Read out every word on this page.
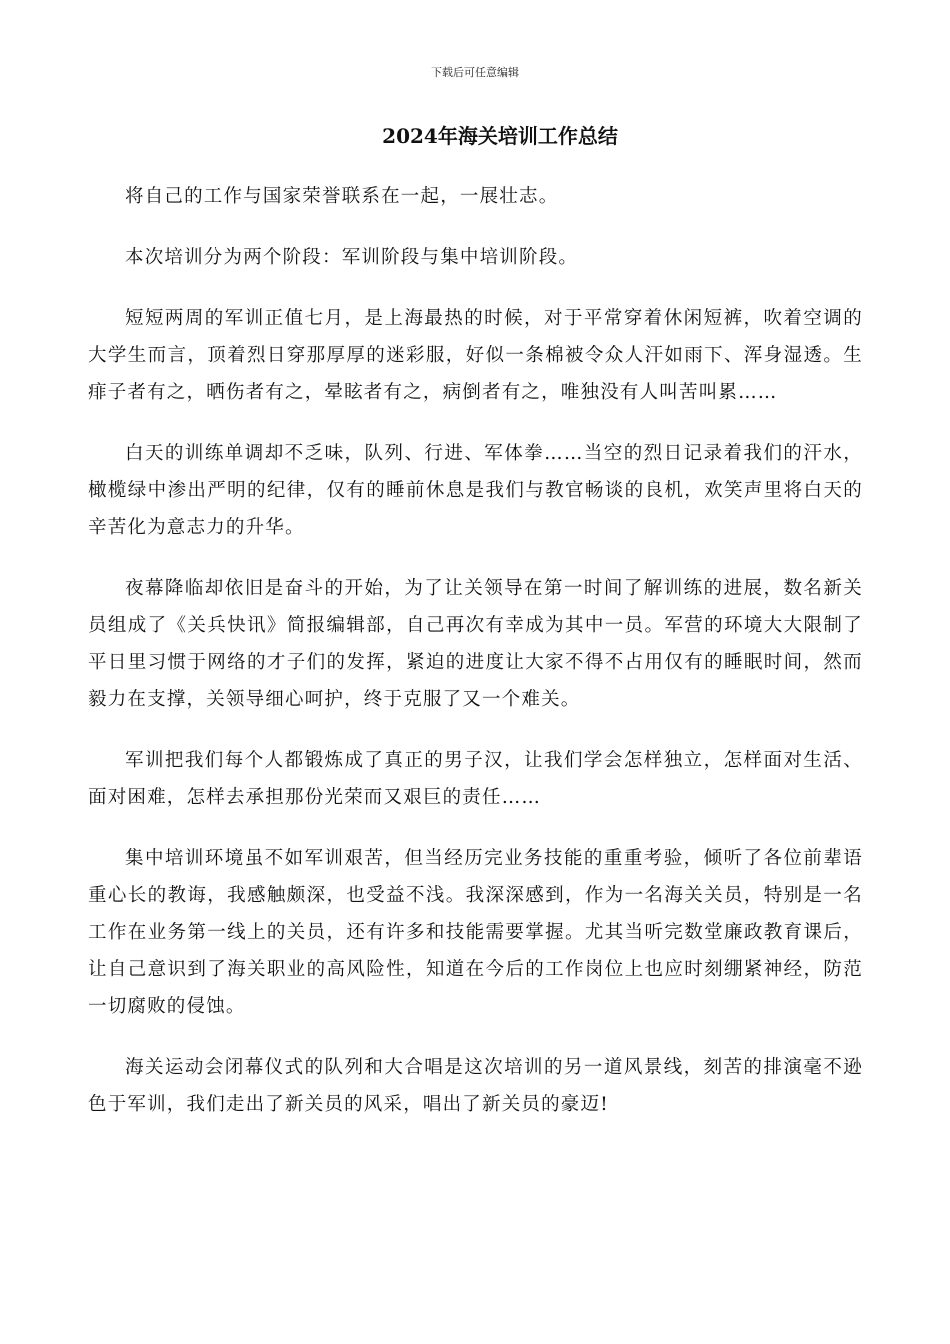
下载后可任意编辑
2024年海关培训工作总结

将自己的工作与国家荣誉联系在一起，一展壮志。

本次培训分为两个阶段：军训阶段与集中培训阶段。

短短两周的军训正值七月，是上海最热的时候，对于平常穿着休闲短裤，吹着空调的大学生而言，顶着烈日穿那厚厚的迷彩服，好似一条棉被令众人汗如雨下、浑身湿透。生痱子者有之，晒伤者有之，晕眩者有之，病倒者有之，唯独没有人叫苦叫累……

白天的训练单调却不乏味，队列、行进、军体拳……当空的烈日记录着我们的汗水，橄榄绿中渗出严明的纪律，仅有的睡前休息是我们与教官畅谈的良机，欢笑声里将白天的辛苦化为意志力的升华。

夜幕降临却依旧是奋斗的开始，为了让关领导在第一时间了解训练的进展，数名新关员组成了《关兵快讯》简报编辑部，自己再次有幸成为其中一员。军营的环境大大限制了平日里习惯于网络的才子们的发挥，紧迫的进度让大家不得不占用仅有的睡眠时间，然而毅力在支撑，关领导细心呵护，终于克服了又一个难关。

军训把我们每个人都锻炼成了真正的男子汉，让我们学会怎样独立，怎样面对生活、面对困难，怎样去承担那份光荣而又艰巨的责任……

集中培训环境虽不如军训艰苦，但当经历完业务技能的重重考验，倾听了各位前辈语重心长的教诲，我感触颇深，也受益不浅。我深深感到，作为一名海关关员，特别是一名工作在业务第一线上的关员，还有许多和技能需要掌握。尤其当听完数堂廉政教育课后，让自己意识到了海关职业的高风险性，知道在今后的工作岗位上也应时刻绷紧神经，防范一切腐败的侵蚀。

海关运动会闭幕仪式的队列和大合唱是这次培训的另一道风景线，刻苦的排演毫不逊色于军训，我们走出了新关员的风采，唱出了新关员的豪迈!
